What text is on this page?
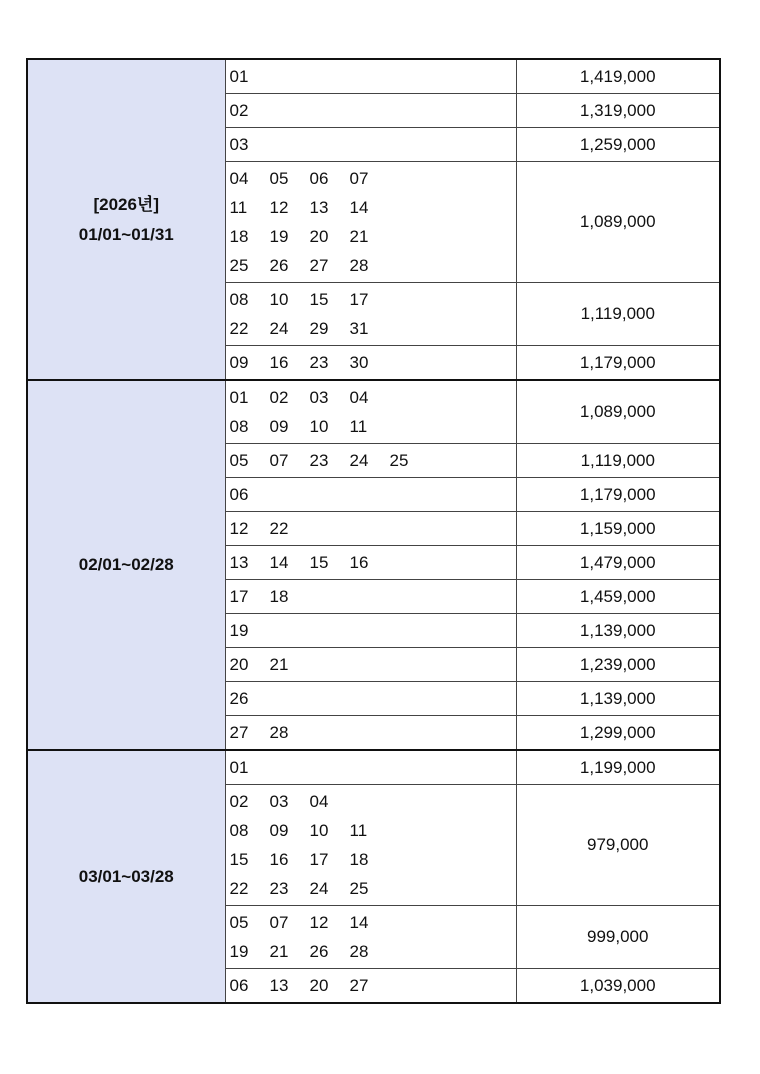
[2026년]
01/01~01/31	01	1,419,000

	02	1,319,000

	03	1,259,000

	04 05 06 07
11 12 13 14
18 19 20 21
25 26 27 28	1,089,000

	08 10 15 17
22 24 29 31	1,119,000

	09 16 23 30	1,179,000

02/01~02/28	01 02 03 04
08 09 10 11	1,089,000

	05 07 23 24 25	1,119,000

	06	1,179,000

	12 22	1,159,000

	13 14 15 16	1,479,000

	17 18	1,459,000

	19	1,139,000

	20 21	1,239,000

	26	1,139,000

	27 28	1,299,000

03/01~03/28	01	1,199,000

	02 03 04
08 09 10 11
15 16 17 18
22 23 24 25	979,000

	05 07 12 14
19 21 26 28	999,000

	06 13 20 27	1,039,000
